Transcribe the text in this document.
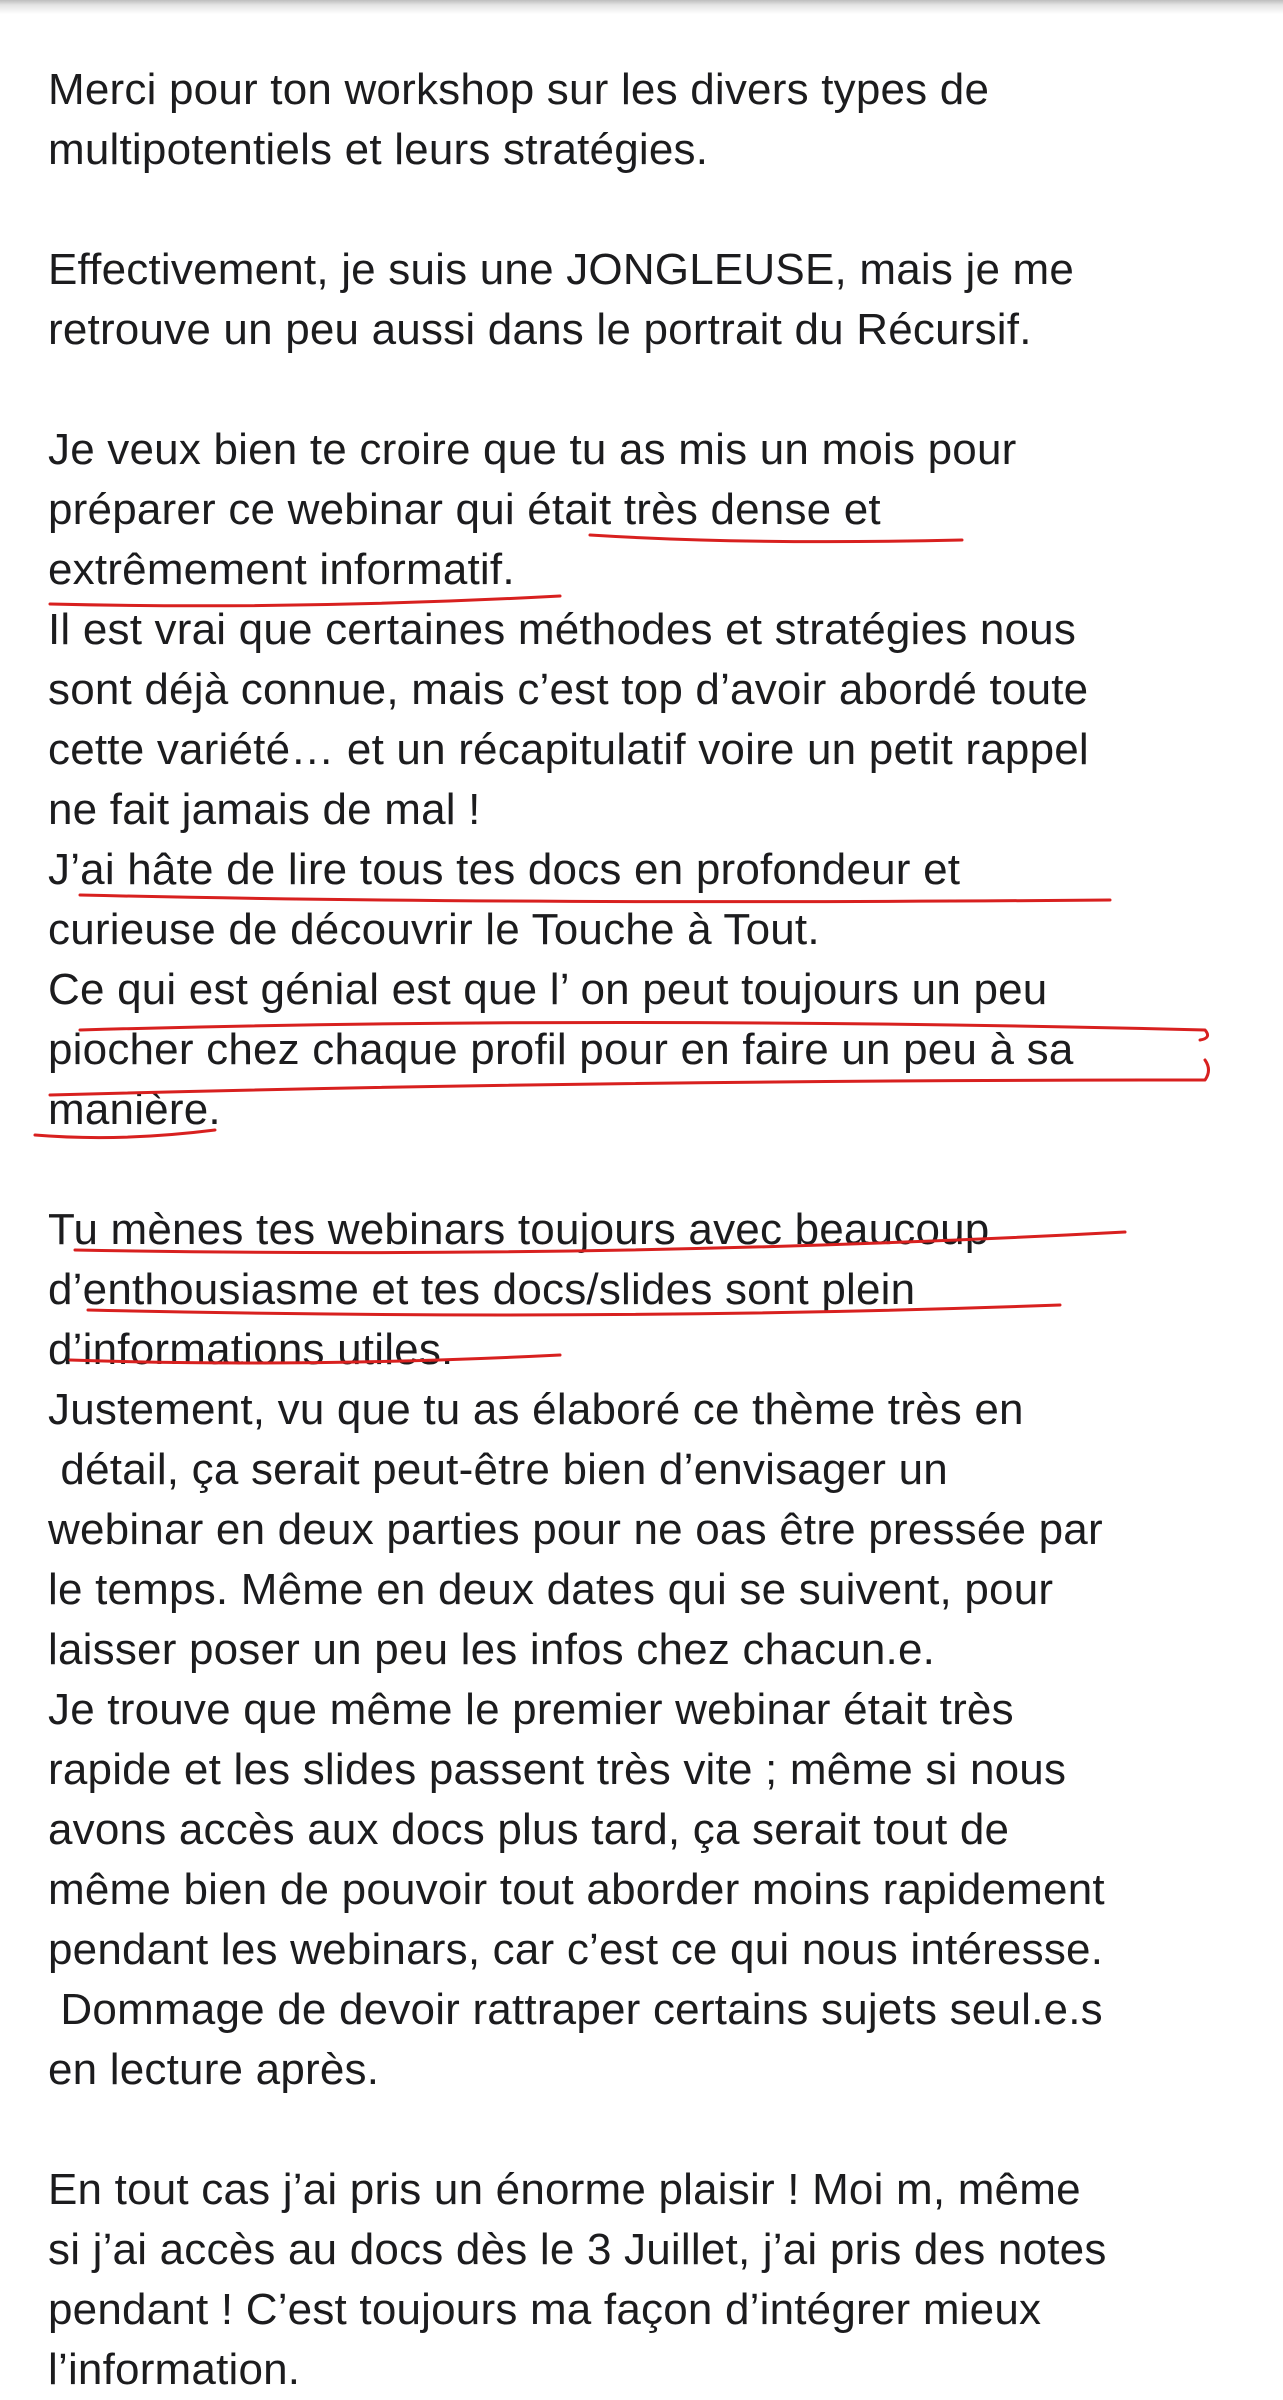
Merci pour ton workshop sur les divers types de
multipotentiels et leurs stratégies.
Effectivement, je suis une JONGLEUSE, mais je me
retrouve un peu aussi dans le portrait du Récursif.
Je veux bien te croire que tu as mis un mois pour
préparer ce webinar qui était très dense et
extrêmement informatif.
Il est vrai que certaines méthodes et stratégies nous
sont déjà connue, mais c’est top d’avoir abordé toute
cette variété… et un récapitulatif voire un petit rappel
ne fait jamais de mal !
J’ai hâte de lire tous tes docs en profondeur et
curieuse de découvrir le Touche à Tout.
Ce qui est génial est que l’ on peut toujours un peu
piocher chez chaque profil pour en faire un peu à sa
manière.
Tu mènes tes webinars toujours avec beaucoup
d’enthousiasme et tes docs/slides sont plein
d’informations utiles.
Justement, vu que tu as élaboré ce thème très en
détail, ça serait peut-être bien d’envisager un
webinar en deux parties pour ne oas être pressée par
le temps. Même en deux dates qui se suivent, pour
laisser poser un peu les infos chez chacun.e.
Je trouve que même le premier webinar était très
rapide et les slides passent très vite ; même si nous
avons accès aux docs plus tard, ça serait tout de
même bien de pouvoir tout aborder moins rapidement
pendant les webinars, car c’est ce qui nous intéresse.
Dommage de devoir rattraper certains sujets seul.e.s
en lecture après.
En tout cas j’ai pris un énorme plaisir ! Moi m, même
si j’ai accès au docs dès le 3 Juillet, j’ai pris des notes
pendant ! C’est toujours ma façon d’intégrer mieux
l’information.
